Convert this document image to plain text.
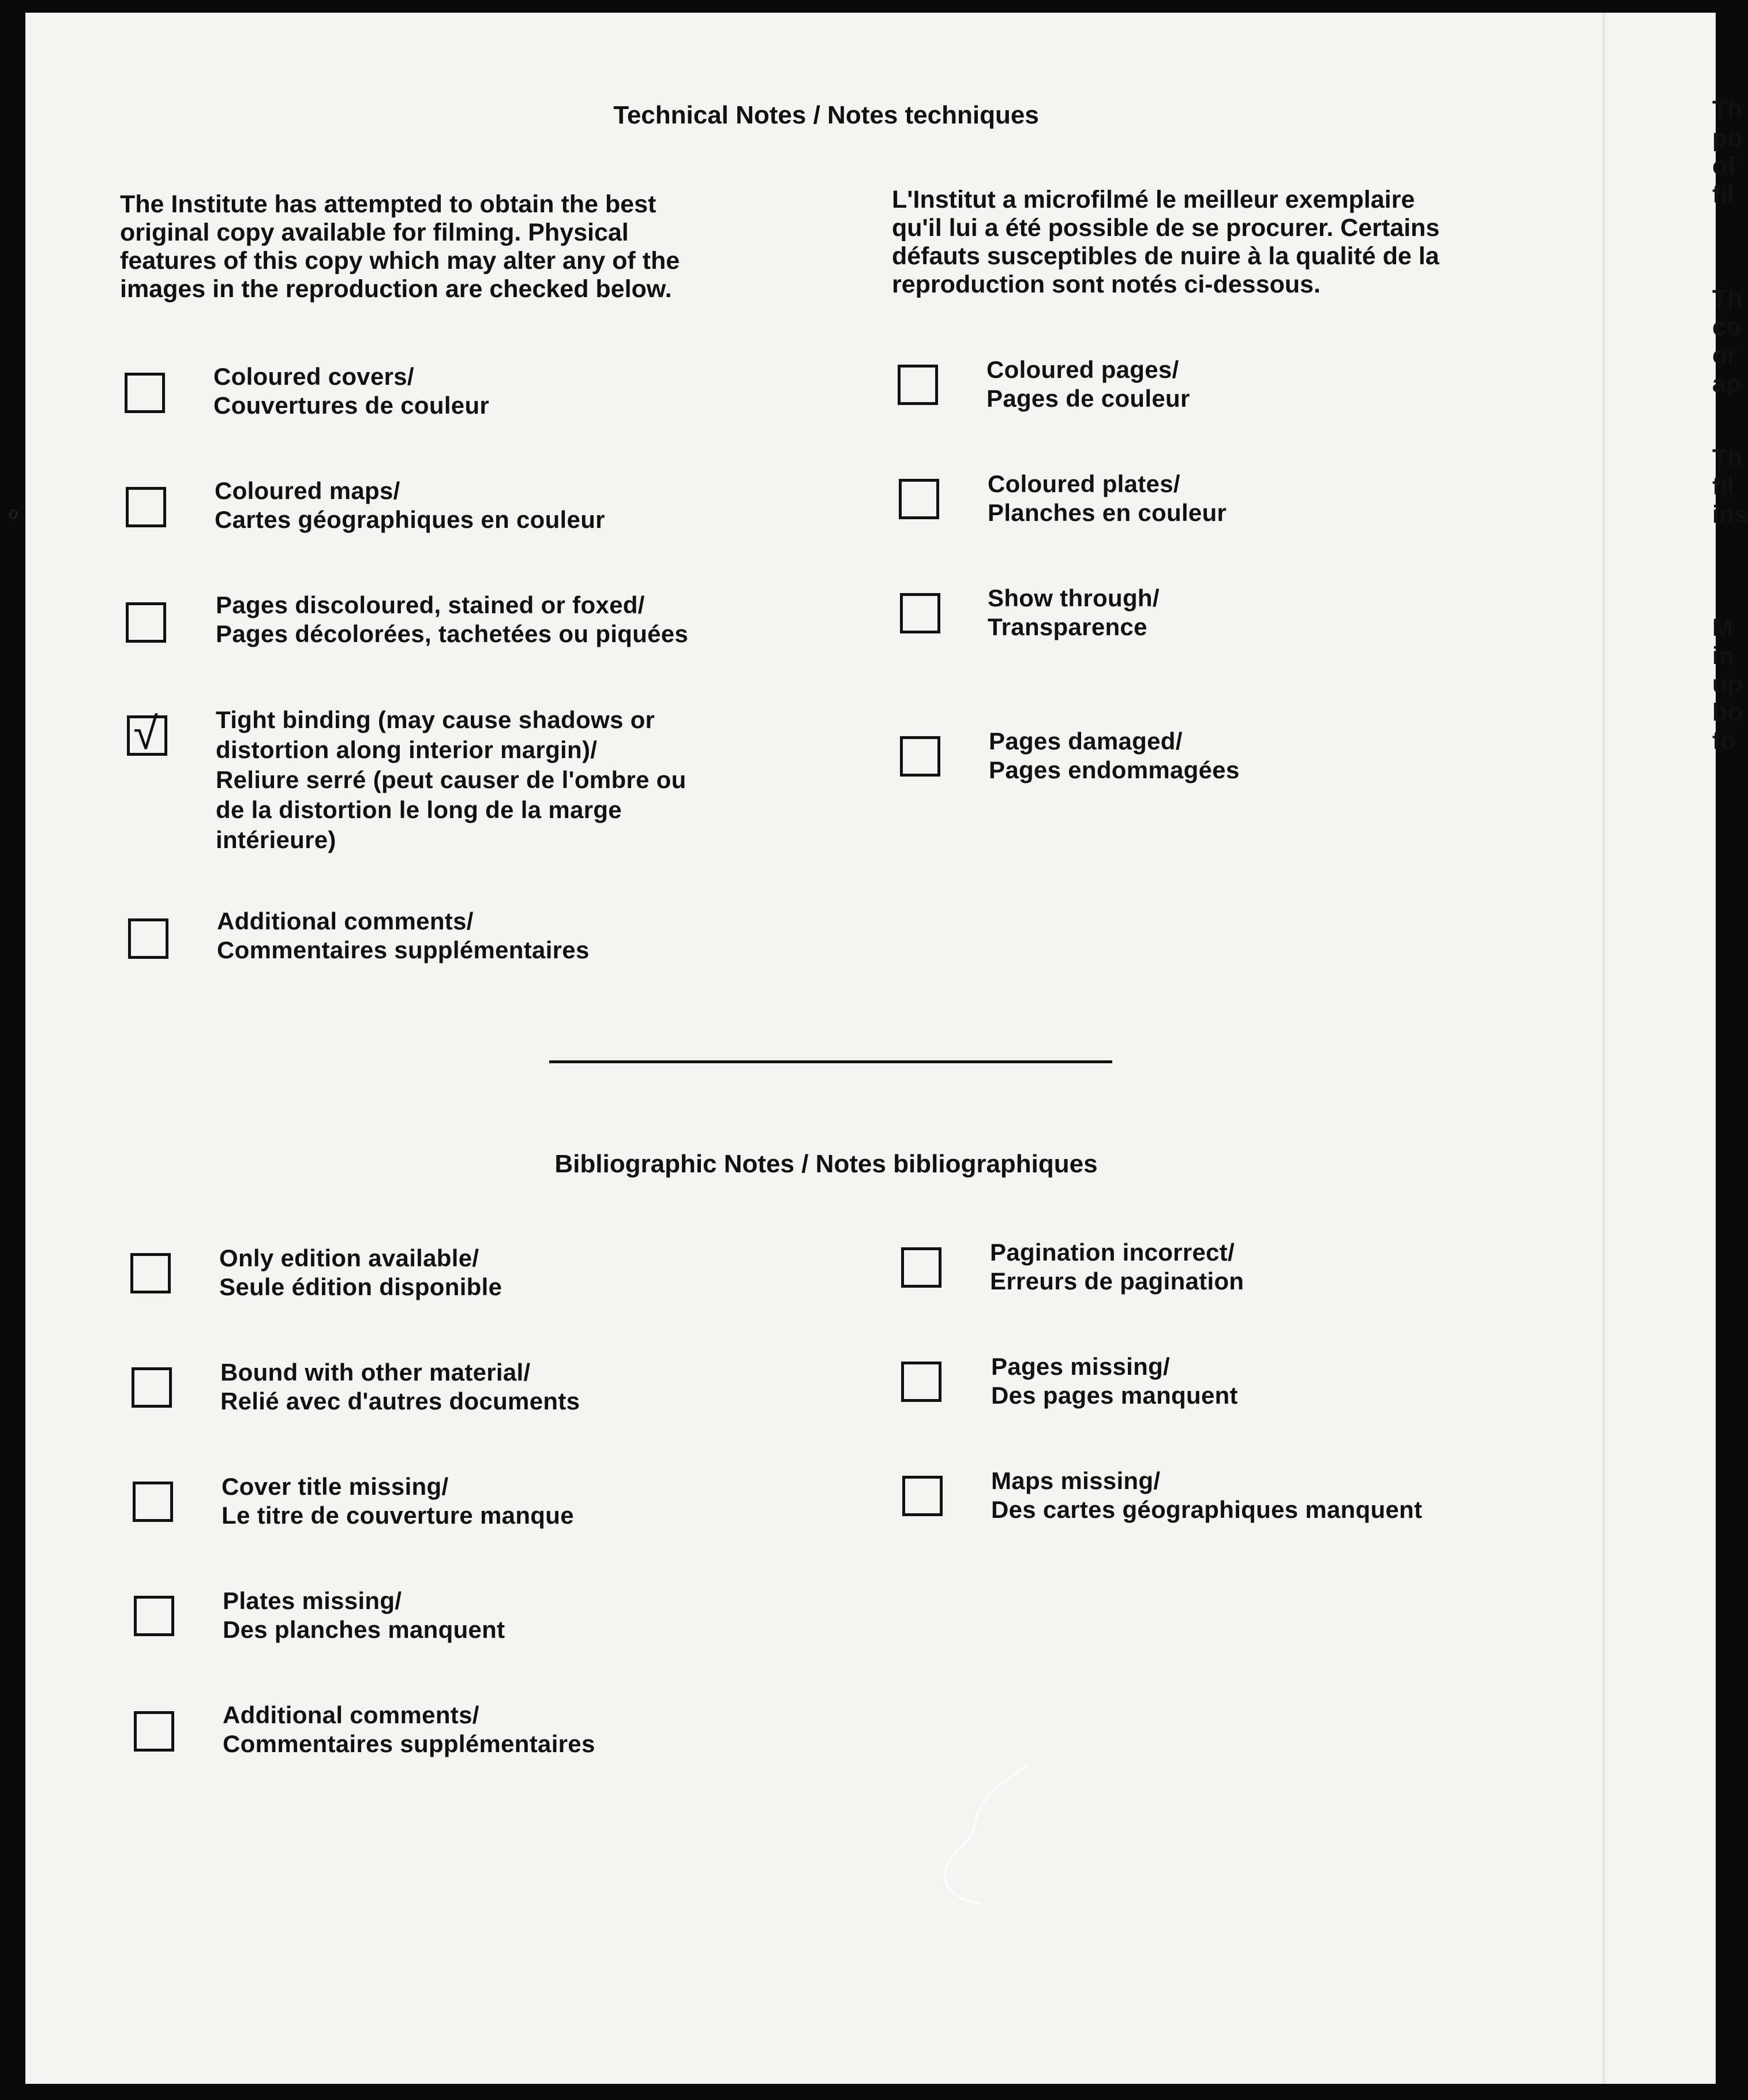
Technical Notes / Notes techniques
The Institute has attempted to obtain the best
original copy available for filming. Physical
features of this copy which may alter any of the
images in the reproduction are checked below.
L'Institut a microfilmé le meilleur exemplaire
qu'il lui a été possible de se procurer. Certains
défauts susceptibles de nuire à la qualité de la
reproduction sont notés ci-dessous.
Coloured covers/
Couvertures de couleur
Coloured maps/
Cartes géographiques en couleur
Pages discoloured, stained or foxed/
Pages décolorées, tachetées ou piquées
√ Tight binding (may cause shadows or
distortion along interior margin)/
Reliure serré (peut causer de l'ombre ou
de la distortion le long de la marge
intérieure)
Additional comments/
Commentaires supplémentaires
Coloured pages/
Pages de couleur
Coloured plates/
Planches en couleur
Show through/
Transparence
Pages damaged/
Pages endommagées
Bibliographic Notes / Notes bibliographiques
Only edition available/
Seule édition disponible
Bound with other material/
Relié avec d'autres documents
Cover title missing/
Le titre de couverture manque
Plates missing/
Des planches manquent
Additional comments/
Commentaires supplémentaires
Pagination incorrect/
Erreurs de pagination
Pages missing/
Des pages manquent
Maps missing/
Des cartes géographiques manquent
Th
po
of
fil
Th
co
or
ap
Th
fil
ins
M
in
up
bo
fo
ℴ
